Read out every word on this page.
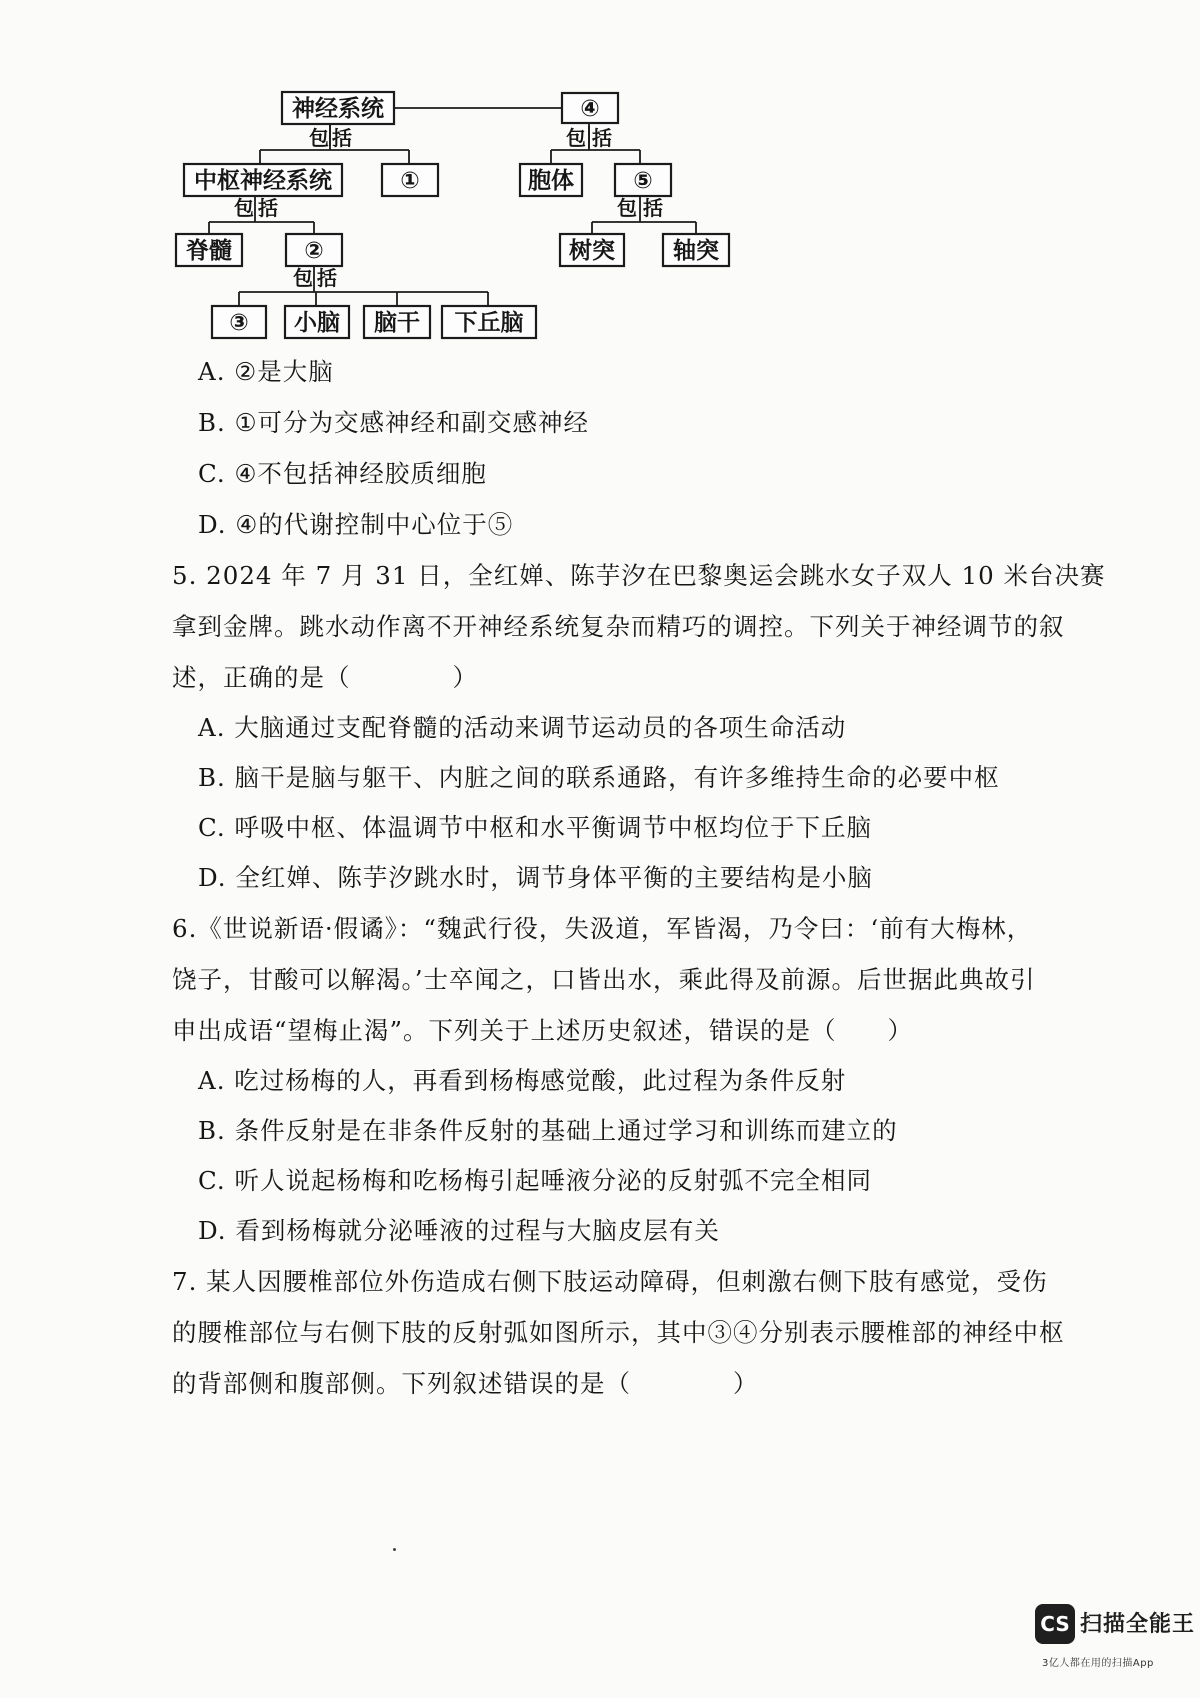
神经系统	④
包 括	包 括
中枢神经系统	①	胞体	⑤
包 括	包 括
脊髓	②	树突	轴突
包 括
③ 小脑 脑干 下丘脑
A. ②是大脑
B. ①可分为交感神经和副交感神经
C. ④不包括神经胶质细胞
D. ④的代谢控制中心位于⑤
5. 2024 年 7 月 31 日，全红婵、陈芋汐在巴黎奥运会跳水女子双人 10 米台决赛
拿到金牌。跳水动作离不开神经系统复杂而精巧的调控。下列关于神经调节的叙
述，正确的是（　　　　）
A. 大脑通过支配脊髓的活动来调节运动员的各项生命活动
B. 脑干是脑与躯干、内脏之间的联系通路，有许多维持生命的必要中枢
C. 呼吸中枢、体温调节中枢和水平衡调节中枢均位于下丘脑
D. 全红婵、陈芋汐跳水时，调节身体平衡的主要结构是小脑
6.《世说新语·假谲》：“魏武行役，失汲道，军皆渴，乃令曰：‘前有大梅林，
饶子，甘酸可以解渴。’士卒闻之，口皆出水，乘此得及前源。后世据此典故引
申出成语“望梅止渴”。下列关于上述历史叙述，错误的是（　　）
A. 吃过杨梅的人，再看到杨梅感觉酸，此过程为条件反射
B. 条件反射是在非条件反射的基础上通过学习和训练而建立的
C. 听人说起杨梅和吃杨梅引起唾液分泌的反射弧不完全相同
D. 看到杨梅就分泌唾液的过程与大脑皮层有关
7. 某人因腰椎部位外伤造成右侧下肢运动障碍，但刺激右侧下肢有感觉，受伤
的腰椎部位与右侧下肢的反射弧如图所示，其中③④分别表示腰椎部的神经中枢
的背部侧和腹部侧。下列叙述错误的是（　　　　）
CS 扫描全能王
3亿人都在用的扫描App
